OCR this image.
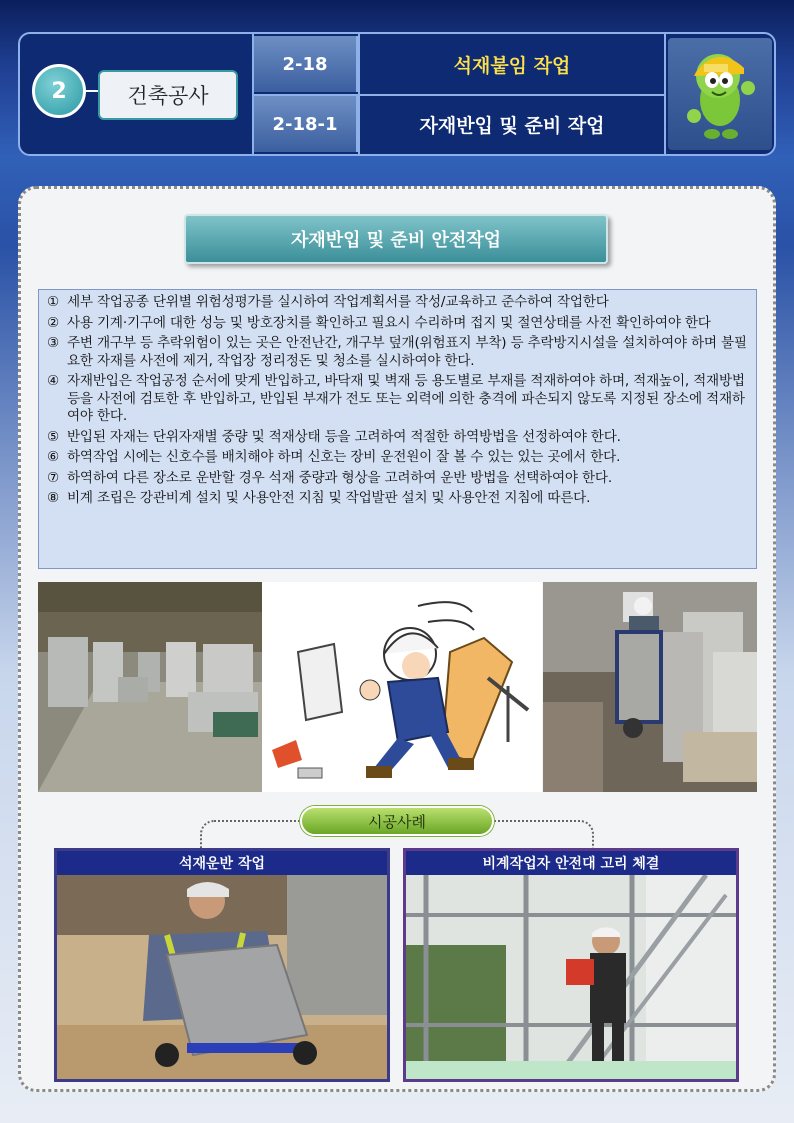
2	건축공사
2-18	석재붙임 작업
2-18-1	자재반입 및 준비 작업
자재반입 및 준비 안전작업
① 세부 작업공종 단위별 위험성평가를 실시하여 작업계획서를 작성/교육하고 준수하여 작업한다
② 사용 기계·기구에 대한 성능 및 방호장치를 확인하고 필요시 수리하며 접지 및 절연상태를 사전 확인하여야 한다
③ 주변 개구부 등 추락위험이 있는 곳은 안전난간, 개구부 덮개(위험표지 부착) 등 추락방지시설을 설치하여야 하며 불필요한 자재를 사전에 제거, 작업장 정리정돈 및 청소를 실시하여야 한다.
④ 자재반입은 작업공정 순서에 맞게 반입하고, 바닥재 및 벽재 등 용도별로 부재를 적재하여야 하며, 적재높이, 적재방법 등을 사전에 검토한 후 반입하고, 반입된 부재가 전도 또는 외력에 의한 충격에 파손되지 않도록 지정된 장소에 적재하여야 한다.
⑤ 반입된 자재는 단위자재별 중량 및 적재상태 등을 고려하여 적절한 하역방법을 선정하여야 한다.
⑥ 하역작업 시에는 신호수를 배치해야 하며 신호는 장비 운전원이 잘 볼 수 있는 있는 곳에서 한다.
⑦ 하역하여 다른 장소로 운반할 경우 석재 중량과 형상을 고려하여 운반 방법을 선택하여야 한다.
⑧ 비계 조립은 강관비계 설치 및 사용안전 지침 및 작업발판 설치 및 사용안전 지침에 따른다.
시공사례
석재운반 작업	비계작업자 안전대 고리 체결
